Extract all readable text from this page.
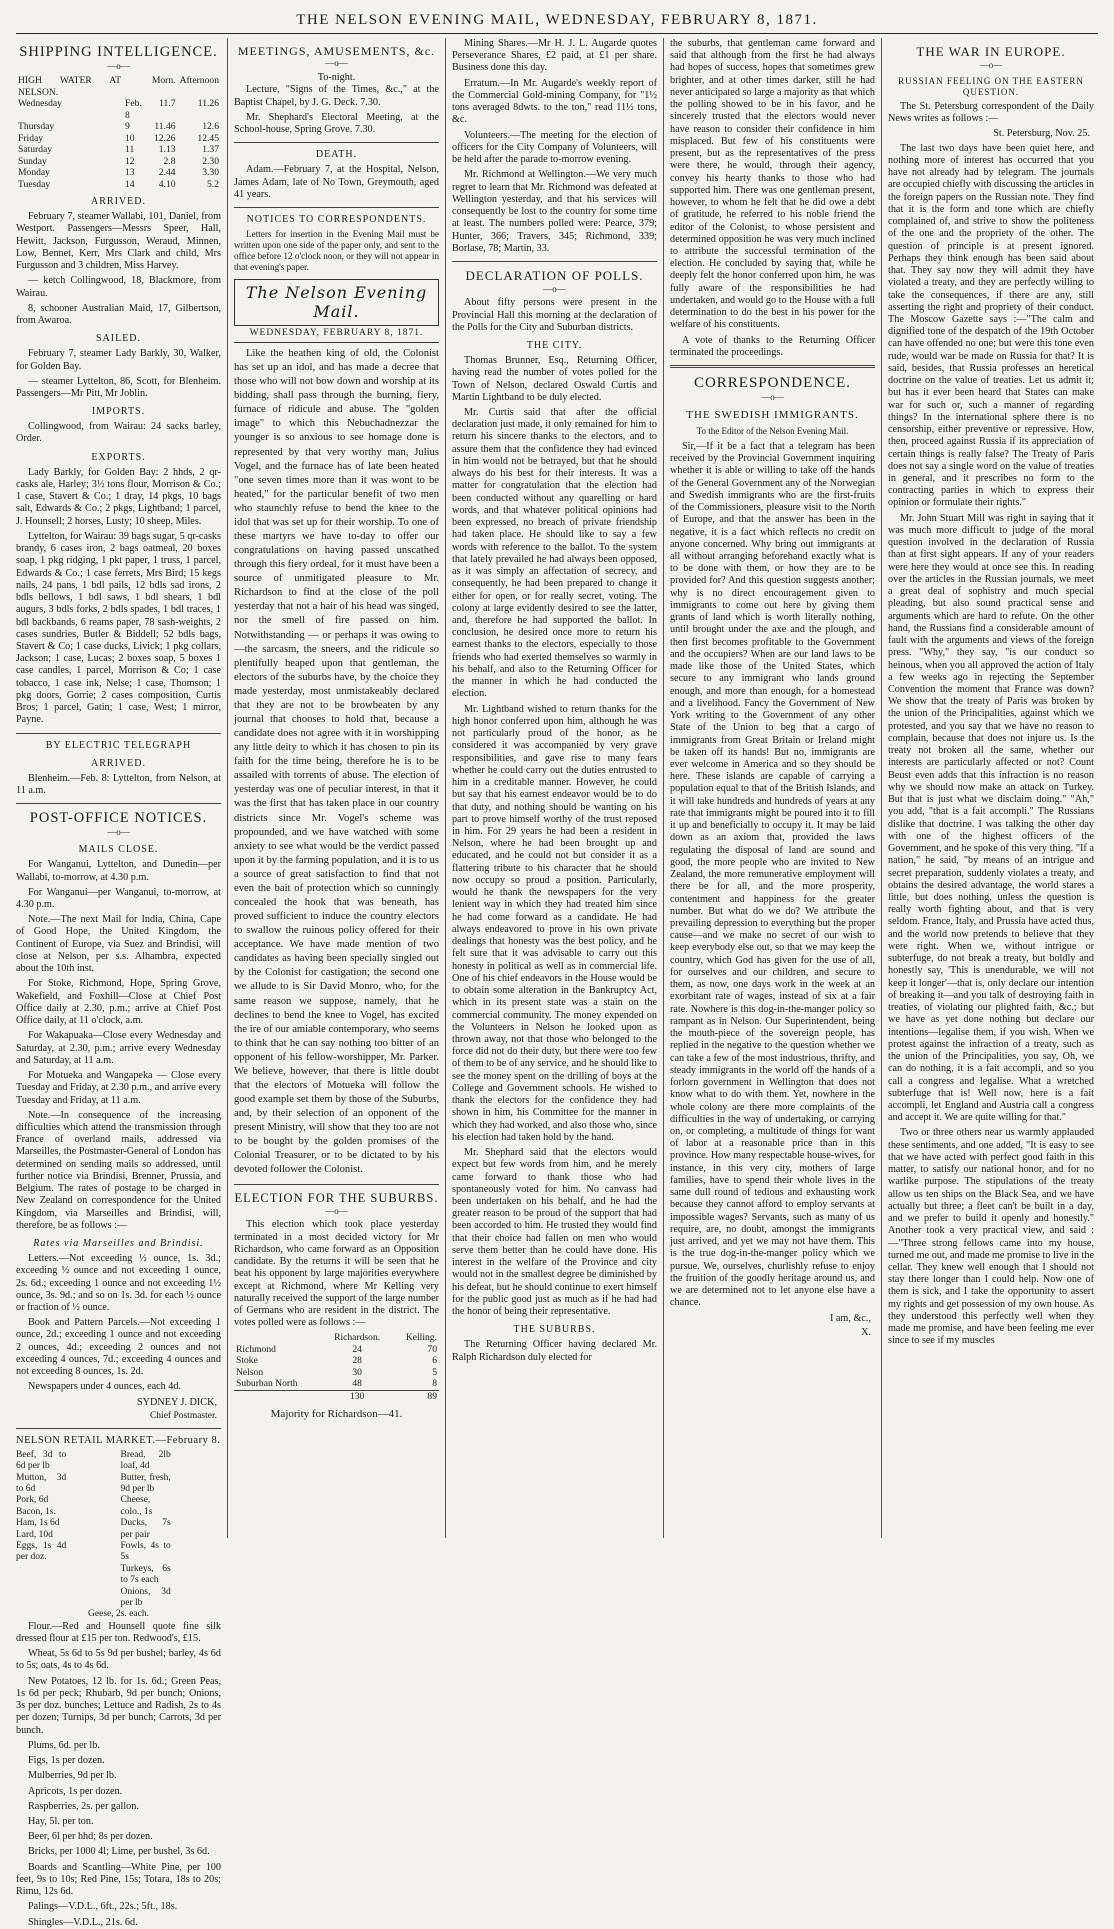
THE NELSON EVENING MAIL, WEDNESDAY, FEBRUARY 8, 1871.
SHIPPING INTELLIGENCE.
—o—
HIGH WATER AT NELSON.		Morn.	Afternoon
Wednesday	Feb. 8	11.7	11.26
Thursday	9	11.46	12.6
Friday	10	12.26	12.45
Saturday	11	1.13	1.37
Sunday	12	2.8	2.30
Monday	13	2.44	3.30
Tuesday	14	4.10	5.2
ARRIVED.

February 7, steamer Wallabi, 101, Daniel, from Westport. Passengers—Messrs Speer, Hall, Hewitt, Jackson, Furgusson, Weraud, Minnen, Low, Bennet, Kerr, Mrs Clark and child, Mrs Furgusson and 3 children, Miss Harvey.

— ketch Collingwood, 18, Blackmore, from Wairau.

8, schooner Australian Maid, 17, Gilbertson, from Awaroa.

SAILED.

February 7, steamer Lady Barkly, 30, Walker, for Golden Bay.

— steamer Lyttelton, 86, Scott, for Blenheim. Passengers—Mr Pitt, Mr Joblin.

IMPORTS.

Collingwood, from Wairau: 24 sacks barley, Order.

EXPORTS.

Lady Barkly, for Golden Bay: 2 hhds, 2 qr-casks ale, Harley; 3½ tons flour, Morrison & Co.; 1 case, Stavert & Co.; 1 dray, 14 pkgs, 10 bags salt, Edwards & Co.; 2 pkgs, Lightband; 1 parcel, J. Hounsell; 2 horses, Lusty; 10 sheep, Miles.

Lyttelton, for Wairau: 39 bags sugar, 5 qr-casks brandy, 6 cases iron, 2 bags oatmeal, 20 boxes soap, 1 pkg ridging, 1 pkt paper, 1 truss, 1 parcel, Edwards & Co.; 1 case ferrets, Mrs Bird; 15 kegs nails, 24 pans, 1 bdl pails, 12 bdls sad irons, 2 bdls bellows, 1 bdl saws, 1 bdl shears, 1 bdl augurs, 3 bdls forks, 2 bdls spades, 1 bdl traces, 1 bdl backbands, 6 reams paper, 78 sash-weights, 2 cases sundries, Butler & Biddell; 52 bdls bags, Stavert & Co; 1 case ducks, Livick; 1 pkg collars, Jackson; 1 case, Lucas; 2 boxes soap, 5 boxes 1 case candles, 1 parcel, Morrison & Co; 1 case tobacco, 1 case ink, Nelse; 1 case, Thomson; 1 pkg doors, Gorrie; 2 cases composition, Curtis Bros; 1 parcel, Gatin; 1 case, West; 1 mirror, Payne.

BY ELECTRIC TELEGRAPH
ARRIVED.

Blenheim.—Feb. 8: Lyttelton, from Nelson, at 11 a.m.

POST-OFFICE NOTICES.
—o—
MAILS CLOSE.

For Wanganui, Lyttelton, and Dunedin—per Wallabi, to-morrow, at 4.30 p.m.

For Wanganui—per Wanganui, to-morrow, at 4.30 p.m.

Note.—The next Mail for India, China, Cape of Good Hope, the United Kingdom, the Continent of Europe, via Suez and Brindisi, will close at Nelson, per s.s. Alhambra, expected about the 10th inst.

For Stoke, Richmond, Hope, Spring Grove, Wakefield, and Foxhill—Close at Chief Post Office daily at 2.30, p.m.; arrive at Chief Post Office daily, at 11 o'clock, a.m.

For Wakapuaka—Close every Wednesday and Saturday, at 2.30, p.m.; arrive every Wednesday and Saturday, at 11 a.m.

For Motueka and Wangapeka — Close every Tuesday and Friday, at 2.30 p.m., and arrive every Tuesday and Friday, at 11 a.m.

Note.—In consequence of the increasing difficulties which attend the transmission through France of overland mails, addressed via Marseilles, the Postmaster-General of London has determined on sending mails so addressed, until further notice via Brindisi, Brenner, Prussia, and Belgium. The rates of postage to be charged in New Zealand on correspondence for the United Kingdom, via Marseilles and Brindisi, will, therefore, be as follows :—

Rates via Marseilles and Brindisi.

Letters.—Not exceeding ½ ounce, 1s. 3d.; exceeding ½ ounce and not exceeding 1 ounce, 2s. 6d.; exceeding 1 ounce and not exceeding 1½ ounce, 3s. 9d.; and so on 1s. 3d. for each ½ ounce or fraction of ½ ounce.

Book and Pattern Parcels.—Not exceeding 1 ounce, 2d.; exceeding 1 ounce and not exceeding 2 ounces, 4d.; exceeding 2 ounces and not exceeding 4 ounces, 7d.; exceeding 4 ounces and not exceeding 8 ounces, 1s. 2d.

Newspapers under 4 ounces, each 4d.

SYDNEY J. DICK,
Chief Postmaster.
NELSON RETAIL MARKET.—February 8.
Beef, 3d to 6d per lb
Mutton, 3d to 6d
Pork, 6d
Bacon, 1s.
Ham, 1s 6d
Lard, 10d
Eggs, 1s 4d per doz.
Bread, 2lb loaf, 4d
Butter, fresh, 9d per lb
Cheese, colo., 1s
Ducks, 7s per pair
Fowls, 4s to 5s
Turkeys, 6s to 7s each
Onions, 3d per lb
Geese, 2s. each.

Flour.—Red and Hounsell quote fine silk dressed flour at £15 per ton. Redwood's, £15.

Wheat, 5s 6d to 5s 9d per bushel; barley, 4s 6d to 5s; oats, 4s to 4s 6d.

New Potatoes, 12 lb. for 1s. 6d.; Green Peas, 1s 6d per peck; Rhubarb, 9d per bunch; Onions, 3s per doz. bunches; Lettuce and Radish, 2s to 4s per dozen; Turnips, 3d per bunch; Carrots, 3d per bunch.

Plums, 6d. per lb.

Figs, 1s per dozen.

Mulberries, 9d per lb.

Apricots, 1s per dozen.

Raspberries, 2s. per gallon.

Hay, 5l. per ton.

Beer, 6l per hhd; 8s per dozen.

Bricks, per 1000 4l; Lime, per bushel, 3s 6d.

Boards and Scantling—White Pine, per 100 feet, 9s to 10s; Red Pine, 15s; Totara, 18s to 20s; Rimu, 12s 6d.

Palings—V.D.L., 6ft., 22s.; 5ft., 18s.

Shingles—V.D.L., 21s. 6d.

MEETINGS, AMUSEMENTS, &c.
—o—
To-night.

Lecture, "Signs of the Times, &c.," at the Baptist Chapel, by J. G. Deck. 7.30.

Mr. Shephard's Electoral Meeting, at the School-house, Spring Grove. 7.30.

DEATH.

Adam.—February 7, at the Hospital, Nelson, James Adam, late of No Town, Greymouth, aged 41 years.

NOTICES TO CORRESPONDENTS.

Letters for insertion in the Evening Mail must be written upon one side of the paper only, and sent to the office before 12 o'clock noon, or they will not appear in that evening's paper.

The Nelson Evening Mail.
WEDNESDAY, FEBRUARY 8, 1871.

Like the heathen king of old, the Colonist has set up an idol, and has made a decree that those who will not bow down and worship at its bidding, shall pass through the burning, fiery, furnace of ridicule and abuse. The "golden image" to which this Nebuchadnezzar the younger is so anxious to see homage done is represented by that very worthy man, Julius Vogel, and the furnace has of late been heated "one seven times more than it was wont to be heated," for the particular benefit of two men who staunchly refuse to bend the knee to the idol that was set up for their worship. To one of these martyrs we have to-day to offer our congratulations on having passed unscathed through this fiery ordeal, for it must have been a source of unmitigated pleasure to Mr. Richardson to find at the close of the poll yesterday that not a hair of his head was singed, nor the smell of fire passed on him. Notwithstanding — or perhaps it was owing to—the sarcasm, the sneers, and the ridicule so plentifully heaped upon that gentleman, the electors of the suburbs have, by the choice they made yesterday, most unmistakeably declared that they are not to be browbeaten by any journal that chooses to hold that, because a candidate does not agree with it in worshipping any little deity to which it has chosen to pin its faith for the time being, therefore he is to be assailed with torrents of abuse. The election of yesterday was one of peculiar interest, in that it was the first that has taken place in our country districts since Mr. Vogel's scheme was propounded, and we have watched with some anxiety to see what would be the verdict passed upon it by the farming population, and it is to us a source of great satisfaction to find that not even the bait of protection which so cunningly concealed the hook that was beneath, has proved sufficient to induce the country electors to swallow the ruinous policy offered for their acceptance. We have made mention of two candidates as having been specially singled out by the Colonist for castigation; the second one we allude to is Sir David Monro, who, for the same reason we suppose, namely, that he declines to bend the knee to Vogel, has excited the ire of our amiable contemporary, who seems to think that he can say nothing too bitter of an opponent of his fellow-worshipper, Mr. Parker. We believe, however, that there is little doubt that the electors of Motueka will follow the good example set them by those of the Suburbs, and, by their selection of an opponent of the present Ministry, will show that they too are not to be bought by the golden promises of the Colonial Treasurer, or to be dictated to by his devoted follower the Colonist.

ELECTION FOR THE SUBURBS.
—o—

This election which took place yesterday terminated in a most decided victory for Mr Richardson, who came forward as an Opposition candidate. By the returns it will be seen that he beat his opponent by large majorities everywhere except at Richmond, where Mr Kelling very naturally received the support of the large number of Germans who are resident in the district. The votes polled were as follows :—

	Richardson.	Kelling.
Richmond	24	70
Stoke	28	6
Nelson	30	5
Suburban North	48	8
	130	89
Majority for Richardson—41.

Mining Shares.—Mr H. J. L. Augarde quotes Perseverance Shares, £2 paid, at £1 per share. Business done this day.

Erratum.—In Mr. Augarde's weekly report of the Commercial Gold-mining Company, for "1½ tons averaged 8dwts. to the ton," read 11½ tons, &c.

Volunteers.—The meeting for the election of officers for the City Company of Volunteers, will be held after the parade to-morrow evening.

Mr. Richmond at Wellington.—We very much regret to learn that Mr. Richmond was defeated at Wellington yesterday, and that his services will consequently be lost to the country for some time at least. The numbers polled were: Pearce, 379; Hunter, 366; Travers, 345; Richmond, 339; Borlase, 78; Martin, 33.

DECLARATION OF POLLS.
—o—

About fifty persons were present in the Provincial Hall this morning at the declaration of the Polls for the City and Suburban districts.

THE CITY.

Thomas Brunner, Esq., Returning Officer, having read the number of votes polled for the Town of Nelson, declared Oswald Curtis and Martin Lightband to be duly elected.

Mr. Curtis said that after the official declaration just made, it only remained for him to return his sincere thanks to the electors, and to assure them that the confidence they had evinced in him would not be betrayed, but that he should always do his best for their interests. It was a matter for congratulation that the election had been conducted without any quarelling or hard words, and that whatever political opinions had been expressed, no breach of private friendship had taken place. He should like to say a few words with reference to the ballot. To the system that lately prevailed he had always been opposed, as it was simply an affectation of secrecy, and consequently, he had been prepared to change it either for open, or for really secret, voting. The colony at large evidently desired to see the latter, and, therefore he had supported the ballot. In conclusion, he desired once more to return his earnest thanks to the electors, especially to those friends who had exerted themselves so warmly in his behalf, and also to the Returning Officer for the manner in which he had conducted the election.

Mr. Lightband wished to return thanks for the high honor conferred upon him, although he was not particularly proud of the honor, as he considered it was accompanied by very grave responsibilities, and gave rise to many fears whether he could carry out the duties entrusted to him in a creditable manner. However, he could but say that his earnest endeavor would be to do that duty, and nothing should be wanting on his part to prove himself worthy of the trust reposed in him. For 29 years he had been a resident in Nelson, where he had been brought up and educated, and he could not but consider it as a flattering tribute to his character that he should now occupy so proud a position. Particularly, would he thank the newspapers for the very lenient way in which they had treated him since he had come forward as a candidate. He had always endeavored to prove in his own private dealings that honesty was the best policy, and he felt sure that it was advisable to carry out this honesty in political as well as in commercial life. One of his chief endeavors in the House would be to obtain some alteration in the Bankruptcy Act, which in its present state was a stain on the commercial community. The money expended on the Volunteers in Nelson he looked upon as thrown away, not that those who belonged to the force did not do their duty, but there were too few of them to be of any service, and he should like to see the money spent on the drilling of boys at the College and Government schools. He wished to thank the electors for the confidence they had shown in him, his Committee for the manner in which they had worked, and also those who, since his election had taken hold by the hand.

Mr. Shephard said that the electors would expect but few words from him, and he merely came forward to thank those who had spontaneously voted for him. No canvass had been undertaken on his behalf, and he had the greater reason to be proud of the support that had been accorded to him. He trusted they would find that their choice had fallen on men who would serve them better than he could have done. His interest in the welfare of the Province and city would not in the smallest degree be diminished by his defeat, but he should continue to exert himself for the public good just as much as if he had had the honor of being their representative.

THE SUBURBS.

The Returning Officer having declared Mr. Ralph Richardson duly elected for

the suburbs, that gentleman came forward and said that although from the first he had always had hopes of success, hopes that sometimes grew brighter, and at other times darker, still he had never anticipated so large a majority as that which the polling showed to be in his favor, and he sincerely trusted that the electors would never have reason to consider their confidence in him misplaced. But few of his constituents were present, but as the representatives of the press were there, he would, through their agency, convey his hearty thanks to those who had supported him. There was one gentleman present, however, to whom he felt that he did owe a debt of gratitude, he referred to his noble friend the editor of the Colonist, to whose persistent and determined opposition he was very much inclined to attribute the successful termination of the election. He concluded by saying that, while he deeply felt the honor conferred upon him, he was fully aware of the responsibilities he had undertaken, and would go to the House with a full determination to do the best in his power for the welfare of his constituents.

A vote of thanks to the Returning Officer terminated the proceedings.

CORRESPONDENCE.
—o—
THE SWEDISH IMMIGRANTS.
To the Editor of the Nelson Evening Mail.

Sir,—If it be a fact that a telegram has been received by the Provincial Government inquiring whether it is able or willing to take off the hands of the General Government any of the Norwegian and Swedish immigrants who are the first-fruits of the Commissioners, pleasure visit to the North of Europe, and that the answer has been in the negative, it is a fact which reflects no credit on anyone concerned. Why bring out immigrants at all without arranging beforehand exactly what is to be done with them, or how they are to be provided for? And this question suggests another; why is no direct encouragement given to immigrants to come out here by giving them grants of land which is worth literally nothing, until brought under the axe and the plough, and then first becomes profitable to the Government and the occupiers? When are our land laws to be made like those of the United States, which secure to any immigrant who lands ground enough, and more than enough, for a homestead and a livelihood. Fancy the Government of New York writing to the Government of any other State of the Union to beg that a cargo of immigrants from Great Britain or Ireland might be taken off its hands! But no, immigrants are ever welcome in America and so they should be here. These islands are capable of carrying a population equal to that of the British Islands, and it will take hundreds and hundreds of years at any rate that immigrants might be poured into it to fill it up and beneficially to occupy it. It may be laid down as an axiom that, provided the laws regulating the disposal of land are sound and good, the more people who are invited to New Zealand, the more remunerative employment will there be for all, and the more prosperity, contentment and happiness for the greater number. But what do we do? We attribute the prevailing depression to everything but the proper cause—and we make no secret of our wish to keep everybody else out, so that we may keep the country, which God has given for the use of all, for ourselves and our children, and secure to them, as now, one days work in the week at an exorbitant rate of wages, instead of six at a fair rate. Nowhere is this dog-in-the-manger policy so rampant as in Nelson. Our Superintendent, being the mouth-piece of the sovereign people, has replied in the negative to the question whether we can take a few of the most industrious, thrifty, and steady immigrants in the world off the hands of a forlorn government in Wellington that does not know what to do with them. Yet, nowhere in the whole colony are there more complaints of the difficulties in the way of undertaking, or carrying on, or completing, a multitude of things for want of labor at a reasonable price than in this province. How many respectable house-wives, for instance, in this very city, mothers of large families, have to spend their whole lives in the same dull round of tedious and exhausting work because they cannot afford to employ servants at impossible wages? Servants, such as many of us require, are, no doubt, amongst the immigrants just arrived, and yet we may not have them. This is the true dog-in-the-manger policy which we pursue. We, ourselves, churlishly refuse to enjoy the fruition of the goodly heritage around us, and we are determined not to let anyone else have a chance.

I am, &c.,
X.
THE WAR IN EUROPE.
—o—
RUSSIAN FEELING ON THE EASTERN QUESTION.

The St. Petersburg correspondent of the Daily News writes as follows :—

St. Petersburg, Nov. 25.

The last two days have been quiet here, and nothing more of interest has occurred that you have not already had by telegram. The journals are occupied chiefly with discussing the articles in the foreign papers on the Russian note. They find that it is the form and tone which are chiefly complained of, and strive to show the politeness of the one and the propriety of the other. The question of principle is at present ignored. Perhaps they think enough has been said about that. They say now they will admit they have violated a treaty, and they are perfectly willing to take the consequences, if there are any, still asserting the right and propriety of their conduct. The Moscow Gazette says :—"The calm and dignified tone of the despatch of the 19th October can have offended no one; but were this tone even rude, would war be made on Russia for that? It is said, besides, that Russia professes an heretical doctrine on the value of treaties. Let us admit it; but has it ever been heard that States can make war for such or, such a manner of regarding things? In the international sphere there is no censorship, either preventive or repressive. How, then, proceed against Russia if its appreciation of certain things is really false? The Treaty of Paris does not say a single word on the value of treaties in general, and it prescribes no form to the contracting parties in which to express their opinion or formulate their rights."

Mr. John Stuart Mill was right in saying that it was much more difficult to judge of the moral question involved in the declaration of Russia than at first sight appears. If any of your readers were here they would at once see this. In reading over the articles in the Russian journals, we meet a great deal of sophistry and much special pleading, but also sound practical sense and arguments which are hard to refute. On the other hand, the Russians find a considerable amount of fault with the arguments and views of the foreign press. "Why," they say, "is our conduct so heinous, when you all approved the action of Italy a few weeks ago in rejecting the September Convention the moment that France was down? We show that the treaty of Paris was broken by the union of the Principalities, against which we protested, and you say that we have no reason to complain, because that does not injure us. Is the treaty not broken all the same, whether our interests are particularly affected or not? Count Beust even adds that this infraction is no reason why we should now make an attack on Turkey. But that is just what we disclaim doing." "Ah," you add, "that is a fait accompli." The Russians dislike that doctrine. I was talking the other day with one of the highest officers of the Government, and he spoke of this very thing. "If a nation," he said, "by means of an intrigue and secret preparation, suddenly violates a treaty, and obtains the desired advantage, the world stares a little, but does nothing, unless the question is really worth fighting about, and that is very seldom. France, Italy, and Prussia have acted thus, and the world now pretends to believe that they were right. When we, without intrigue or subterfuge, do not break a treaty, but boldly and honestly say, 'This is unendurable, we will not keep it longer'—that is, only declare our intention of breaking it—and you talk of destroying faith in treaties, of violating our plighted faith, &c.; but we have as yet done nothing but declare our intentions—legalise them, if you wish. When we protest against the infraction of a treaty, such as the union of the Principalities, you say, Oh, we can do nothing, it is a fait accompli, and so you call a congress and legalise. What a wretched subterfuge that is! Well now, here is a fait accompli, let England and Austria call a congress and accept it. We are quite willing for that."

Two or three others near us warmly applauded these sentiments, and one added, "It is easy to see that we have acted with perfect good faith in this matter, to satisfy our national honor, and for no warlike purpose. The stipulations of the treaty allow us ten ships on the Black Sea, and we have actually but three; a fleet can't be built in a day, and we prefer to build it openly and honestly." Another took a very practical view, and said :—"Three strong fellows came into my house, turned me out, and made me promise to live in the cellar. They knew well enough that I should not stay there longer than I could help. Now one of them is sick, and I take the opportunity to assert my rights and get possession of my own house. As they understood this perfectly well when they made me promise, and have been feeling me ever since to see if my muscles
